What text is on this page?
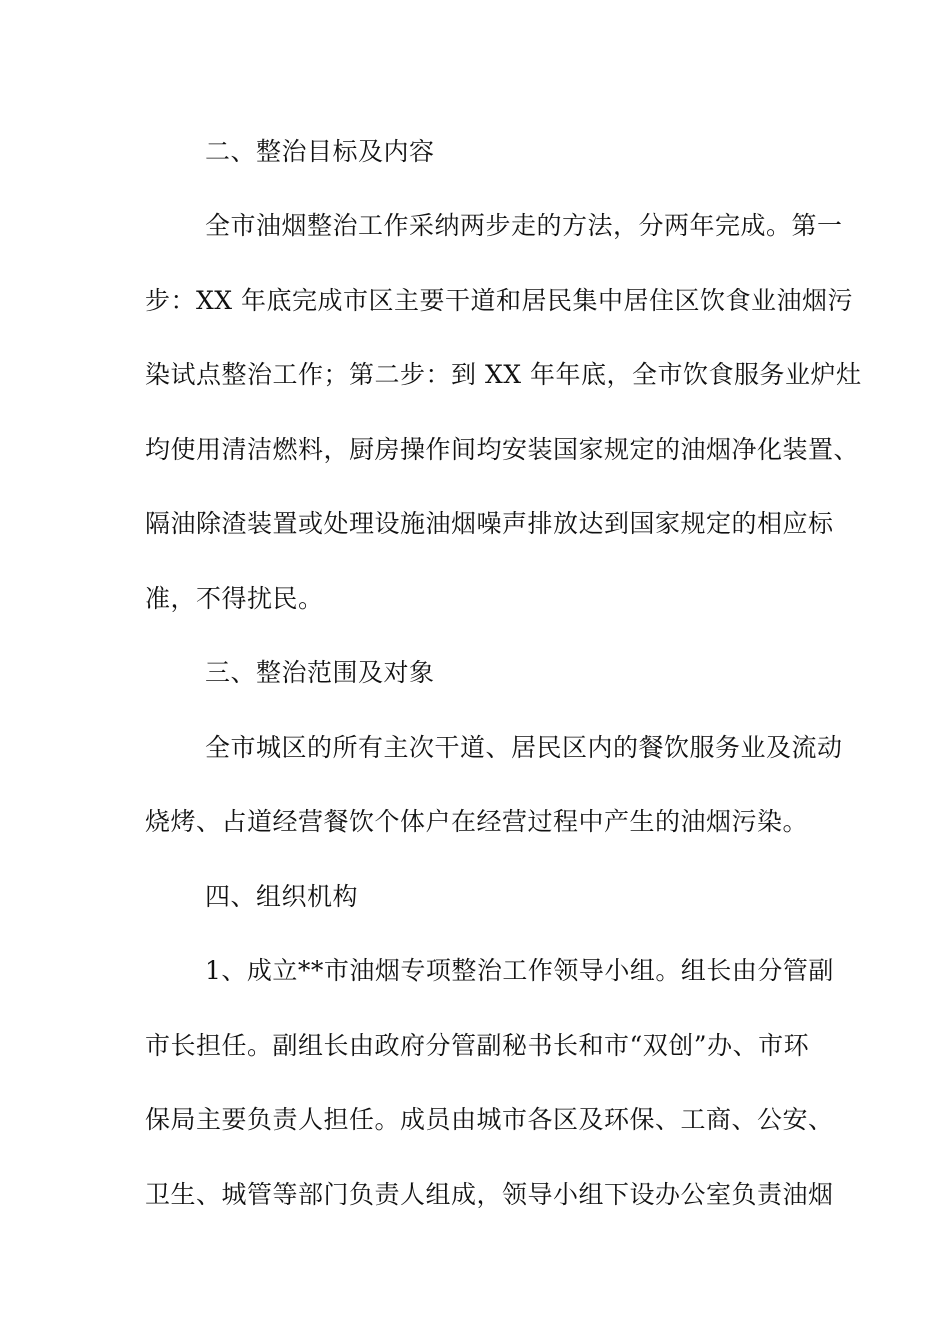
二、整治目标及内容
全市油烟整治工作采纳两步走的方法，分两年完成。第一
步：XX 年底完成市区主要干道和居民集中居住区饮食业油烟污
染试点整治工作；第二步：到 XX 年年底，全市饮食服务业炉灶
均使用清洁燃料，厨房操作间均安装国家规定的油烟净化装置、
隔油除渣装置或处理设施油烟噪声排放达到国家规定的相应标
准，不得扰民。
三、整治范围及对象
全市城区的所有主次干道、居民区内的餐饮服务业及流动
烧烤、占道经营餐饮个体户在经营过程中产生的油烟污染。
四、组织机构
1、成立**市油烟专项整治工作领导小组。组长由分管副
市长担任。副组长由政府分管副秘书长和市“双创”办、市环
保局主要负责人担任。成员由城市各区及环保、工商、公安、
卫生、城管等部门负责人组成，领导小组下设办公室负责油烟
